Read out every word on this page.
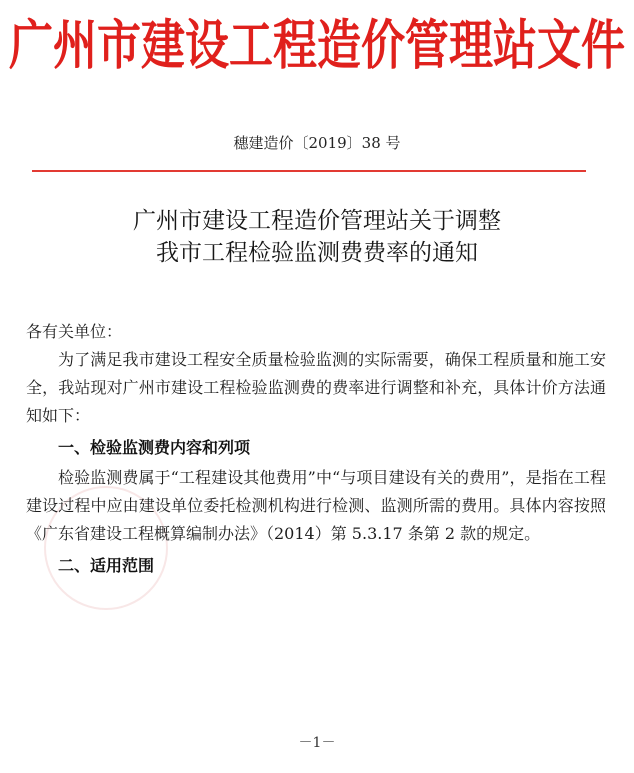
广州市建设工程造价管理站文件
穗建造价〔2019〕38 号
广州市建设工程造价管理站关于调整
我市工程检验监测费费率的通知

各有关单位：

为了满足我市建设工程安全质量检验监测的实际需要，确保工程质量和施工安全，我站现对广州市建设工程检验监测费的费率进行调整和补充，具体计价方法通知如下：

一、检验监测费内容和列项

检验监测费属于“工程建设其他费用”中“与项目建设有关的费用”，是指在工程建设过程中应由建设单位委托检测机构进行检测、监测所需的费用。具体内容按照《广东省建设工程概算编制办法》（2014）第 5.3.17 条第 2 款的规定。

二、适用范围

－1－
